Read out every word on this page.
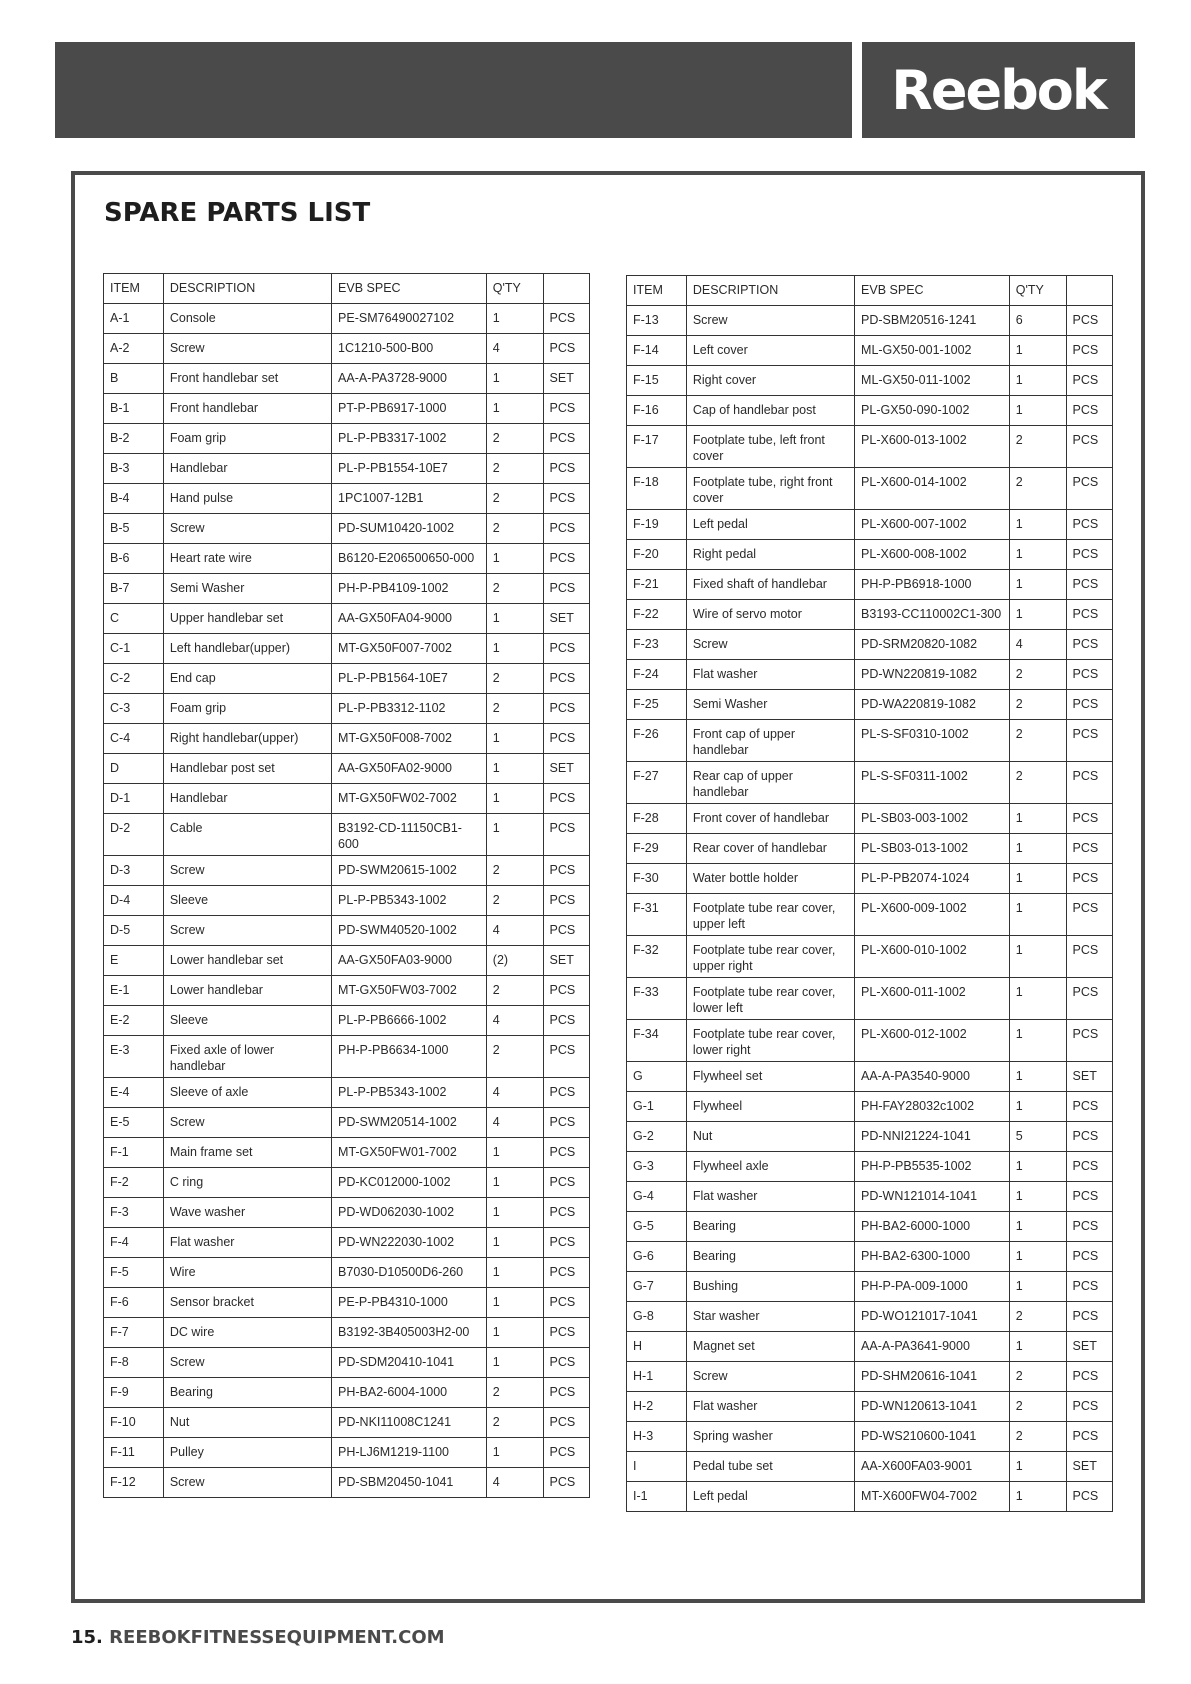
Reebok
SPARE PARTS LIST
ITEM	DESCRIPTION	EVB SPEC	Q'TY	
A-1	Console	PE-SM76490027102	1	PCS
A-2	Screw	1C1210-500-B00	4	PCS
B	Front handlebar set	AA-A-PA3728-9000	1	SET
B-1	Front handlebar	PT-P-PB6917-1000	1	PCS
B-2	Foam grip	PL-P-PB3317-1002	2	PCS
B-3	Handlebar	PL-P-PB1554-10E7	2	PCS
B-4	Hand pulse	1PC1007-12B1	2	PCS
B-5	Screw	PD-SUM10420-1002	2	PCS
B-6	Heart rate wire	B6120-E206500650-000	1	PCS
B-7	Semi Washer	PH-P-PB4109-1002	2	PCS
C	Upper handlebar set	AA-GX50FA04-9000	1	SET
C-1	Left handlebar(upper)	MT-GX50F007-7002	1	PCS
C-2	End cap	PL-P-PB1564-10E7	2	PCS
C-3	Foam grip	PL-P-PB3312-1102	2	PCS
C-4	Right handlebar(upper)	MT-GX50F008-7002	1	PCS
D	Handlebar post set	AA-GX50FA02-9000	1	SET
D-1	Handlebar	MT-GX50FW02-7002	1	PCS
D-2	Cable	B3192-CD-11150CB1-600	1	PCS
D-3	Screw	PD-SWM20615-1002	2	PCS
D-4	Sleeve	PL-P-PB5343-1002	2	PCS
D-5	Screw	PD-SWM40520-1002	4	PCS
E	Lower handlebar set	AA-GX50FA03-9000	(2)	SET
E-1	Lower handlebar	MT-GX50FW03-7002	2	PCS
E-2	Sleeve	PL-P-PB6666-1002	4	PCS
E-3	Fixed axle of lower handlebar	PH-P-PB6634-1000	2	PCS
E-4	Sleeve of axle	PL-P-PB5343-1002	4	PCS
E-5	Screw	PD-SWM20514-1002	4	PCS
F-1	Main frame set	MT-GX50FW01-7002	1	PCS
F-2	C ring	PD-KC012000-1002	1	PCS
F-3	Wave washer	PD-WD062030-1002	1	PCS
F-4	Flat washer	PD-WN222030-1002	1	PCS
F-5	Wire	B7030-D10500D6-260	1	PCS
F-6	Sensor bracket	PE-P-PB4310-1000	1	PCS
F-7	DC wire	B3192-3B405003H2-00	1	PCS
F-8	Screw	PD-SDM20410-1041	1	PCS
F-9	Bearing	PH-BA2-6004-1000	2	PCS
F-10	Nut	PD-NKI11008C1241	2	PCS
F-11	Pulley	PH-LJ6M1219-1100	1	PCS
F-12	Screw	PD-SBM20450-1041	4	PCS
ITEM	DESCRIPTION	EVB SPEC	Q'TY	
F-13	Screw	PD-SBM20516-1241	6	PCS
F-14	Left cover	ML-GX50-001-1002	1	PCS
F-15	Right cover	ML-GX50-011-1002	1	PCS
F-16	Cap of handlebar post	PL-GX50-090-1002	1	PCS
F-17	Footplate tube, left front cover	PL-X600-013-1002	2	PCS
F-18	Footplate tube, right front cover	PL-X600-014-1002	2	PCS
F-19	Left pedal	PL-X600-007-1002	1	PCS
F-20	Right pedal	PL-X600-008-1002	1	PCS
F-21	Fixed shaft of handlebar	PH-P-PB6918-1000	1	PCS
F-22	Wire of servo motor	B3193-CC110002C1-300	1	PCS
F-23	Screw	PD-SRM20820-1082	4	PCS
F-24	Flat washer	PD-WN220819-1082	2	PCS
F-25	Semi Washer	PD-WA220819-1082	2	PCS
F-26	Front cap of upper handlebar	PL-S-SF0310-1002	2	PCS
F-27	Rear cap of upper handlebar	PL-S-SF0311-1002	2	PCS
F-28	Front cover of handlebar	PL-SB03-003-1002	1	PCS
F-29	Rear cover of handlebar	PL-SB03-013-1002	1	PCS
F-30	Water bottle holder	PL-P-PB2074-1024	1	PCS
F-31	Footplate tube rear cover, upper left	PL-X600-009-1002	1	PCS
F-32	Footplate tube rear cover, upper right	PL-X600-010-1002	1	PCS
F-33	Footplate tube rear cover, lower left	PL-X600-011-1002	1	PCS
F-34	Footplate tube rear cover, lower right	PL-X600-012-1002	1	PCS
G	Flywheel set	AA-A-PA3540-9000	1	SET
G-1	Flywheel	PH-FAY28032c1002	1	PCS
G-2	Nut	PD-NNI21224-1041	5	PCS
G-3	Flywheel axle	PH-P-PB5535-1002	1	PCS
G-4	Flat washer	PD-WN121014-1041	1	PCS
G-5	Bearing	PH-BA2-6000-1000	1	PCS
G-6	Bearing	PH-BA2-6300-1000	1	PCS
G-7	Bushing	PH-P-PA-009-1000	1	PCS
G-8	Star washer	PD-WO121017-1041	2	PCS
H	Magnet set	AA-A-PA3641-9000	1	SET
H-1	Screw	PD-SHM20616-1041	2	PCS
H-2	Flat washer	PD-WN120613-1041	2	PCS
H-3	Spring washer	PD-WS210600-1041	2	PCS
I	Pedal tube set	AA-X600FA03-9001	1	SET
I-1	Left pedal	MT-X600FW04-7002	1	PCS
15. REEBOKFITNESSEQUIPMENT.COM
